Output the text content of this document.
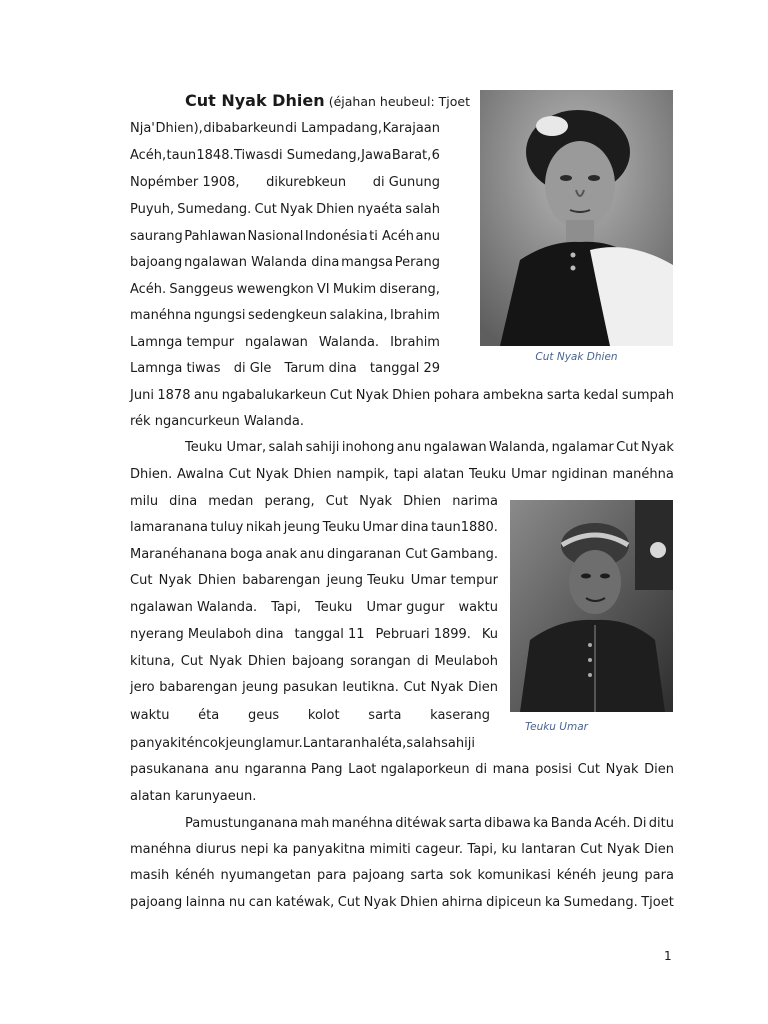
Cut Nyak Dhien (éjahan heubeul: Tjoet
Nja' Dhien), dibabarkeun di Lampadang, Karajaan
Acéh, taun 1848. Tiwas di Sumedang, Jawa Barat, 6
Nopémber 1908, dikurebkeun di Gunung
Puyuh, Sumedang. Cut Nyak Dhien nyaéta salah
saurang Pahlawan Nasional Indonésia ti Acéh anu
bajoang ngalawan Walanda dina mangsa Perang
Acéh. Sanggeus wewengkon VI Mukim diserang,
manéhna ngungsi sedengkeun salakina, Ibrahim
Lamnga tempur ngalawan Walanda. Ibrahim
Lamnga tiwas di Gle Tarum dina tanggal 29
Juni 1878 anu ngabalukarkeun Cut Nyak Dhien pohara ambekna sarta kedal sumpah
rék ngancurkeun Walanda.
Teuku Umar, salah sahiji inohong anu ngalawan Walanda, ngalamar Cut Nyak
Dhien. Awalna Cut Nyak Dhien nampik, tapi alatan Teuku Umar ngidinan manéhna
milu dina medan perang, Cut Nyak Dhien narima
lamaranana tuluy nikah jeung Teuku Umar dina taun1880.
Maranéhanana boga anak anu dingaranan Cut Gambang.
Cut Nyak Dhien babarengan jeung Teuku Umar tempur
ngalawan Walanda. Tapi, Teuku Umar gugur waktu
nyerang Meulaboh dina tanggal 11 Pebruari 1899. Ku
kituna, Cut Nyak Dhien bajoang sorangan di Meulaboh
jero babarengan jeung pasukan leutikna. Cut Nyak Dien
waktu éta geus kolot sarta kaserang
panyakit éncok jeung lamur. Lantaran hal éta, salah sahiji
pasukanana anu ngaranna Pang Laot ngalaporkeun di mana posisi Cut Nyak Dien
alatan karunyaeun.
Pamustunganana mah manéhna ditéwak sarta dibawa ka Banda Acéh. Di ditu
manéhna diurus nepi ka panyakitna mimiti cageur. Tapi, ku lantaran Cut Nyak Dien
masih kénéh nyumangetan para pajoang sarta sok komunikasi kénéh jeung para
pajoang lainna nu can katéwak, Cut Nyak Dhien ahirna dipiceun ka Sumedang. Tjoet
Cut Nyak Dhien
Teuku Umar
1
